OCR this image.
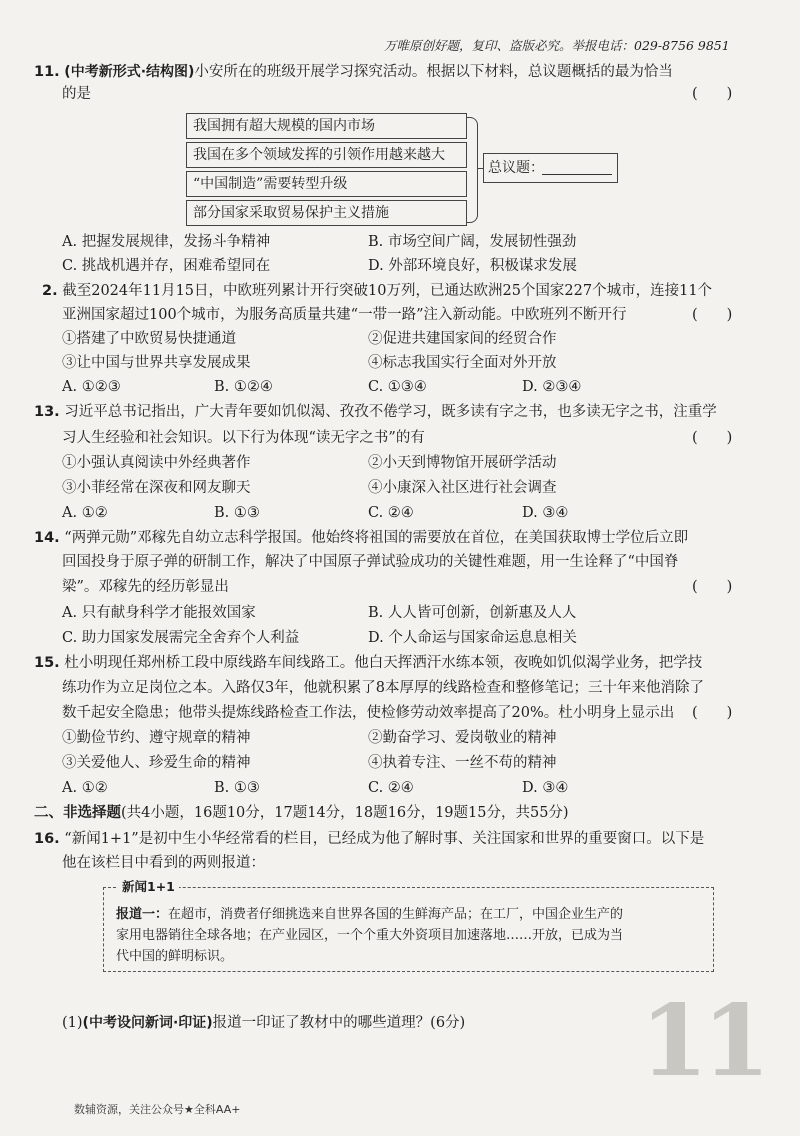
万唯原创好题，复印、盗版必究。举报电话：029-8756 9851
11. (中考新形式·结构图)小安所在的班级开展学习探究活动。根据以下材料，总议题概括的最为恰当
的是	(　　)
我国拥有超大规模的国内市场
我国在多个领域发挥的引领作用越来越大
“中国制造”需要转型升级
部分国家采取贸易保护主义措施
总议题：
A. 把握发展规律，发扬斗争精神	B. 市场空间广阔，发展韧性强劲
C. 挑战机遇并存，困难希望同在	D. 外部环境良好，积极谋求发展
2. 截至2024年11月15日，中欧班列累计开行突破10万列，已通达欧洲25个国家227个城市，连接11个
亚洲国家超过100个城市，为服务高质量共建“一带一路”注入新动能。中欧班列不断开行	(　　)
①搭建了中欧贸易快捷通道	②促进共建国家间的经贸合作
③让中国与世界共享发展成果	④标志我国实行全面对外开放
A. ①②③	B. ①②④	C. ①③④	D. ②③④
13. 习近平总书记指出，广大青年要如饥似渴、孜孜不倦学习，既多读有字之书，也多读无字之书，注重学
习人生经验和社会知识。以下行为体现“读无字之书”的有	(　　)
①小强认真阅读中外经典著作	②小天到博物馆开展研学活动
③小菲经常在深夜和网友聊天	④小康深入社区进行社会调查
A. ①②	B. ①③	C. ②④	D. ③④
14. “两弹元勋”邓稼先自幼立志科学报国。他始终将祖国的需要放在首位，在美国获取博士学位后立即
回国投身于原子弹的研制工作，解决了中国原子弹试验成功的关键性难题，用一生诠释了“中国脊
梁”。邓稼先的经历彰显出	(　　)
A. 只有献身科学才能报效国家	B. 人人皆可创新，创新惠及人人
C. 助力国家发展需完全舍弃个人利益	D. 个人命运与国家命运息息相关
15. 杜小明现任郑州桥工段中原线路车间线路工。他白天挥洒汗水练本领，夜晚如饥似渴学业务，把学技
练功作为立足岗位之本。入路仅3年，他就积累了8本厚厚的线路检查和整修笔记；三十年来他消除了
数千起安全隐患；他带头提炼线路检查工作法，使检修劳动效率提高了20%。杜小明身上显示出 (　　)
①勤俭节约、遵守规章的精神	②勤奋学习、爱岗敬业的精神
③关爱他人、珍爱生命的精神	④执着专注、一丝不苟的精神
A. ①②	B. ①③	C. ②④	D. ③④
二、非选择题(共4小题，16题10分，17题14分，18题16分，19题15分，共55分)
16. “新闻1+1”是初中生小华经常看的栏目，已经成为他了解时事、关注国家和世界的重要窗口。以下是
他在该栏目中看到的两则报道：
新闻1+1
报道一：在超市，消费者仔细挑选来自世界各国的生鲜海产品；在工厂，中国企业生产的
家用电器销往全球各地；在产业园区，一个个重大外资项目加速落地……开放，已成为当
代中国的鲜明标识。
(1)(中考设问新词·印证)报道一印证了教材中的哪些道理？(6分) 11
数辅资源，关注公众号★全科AA+
